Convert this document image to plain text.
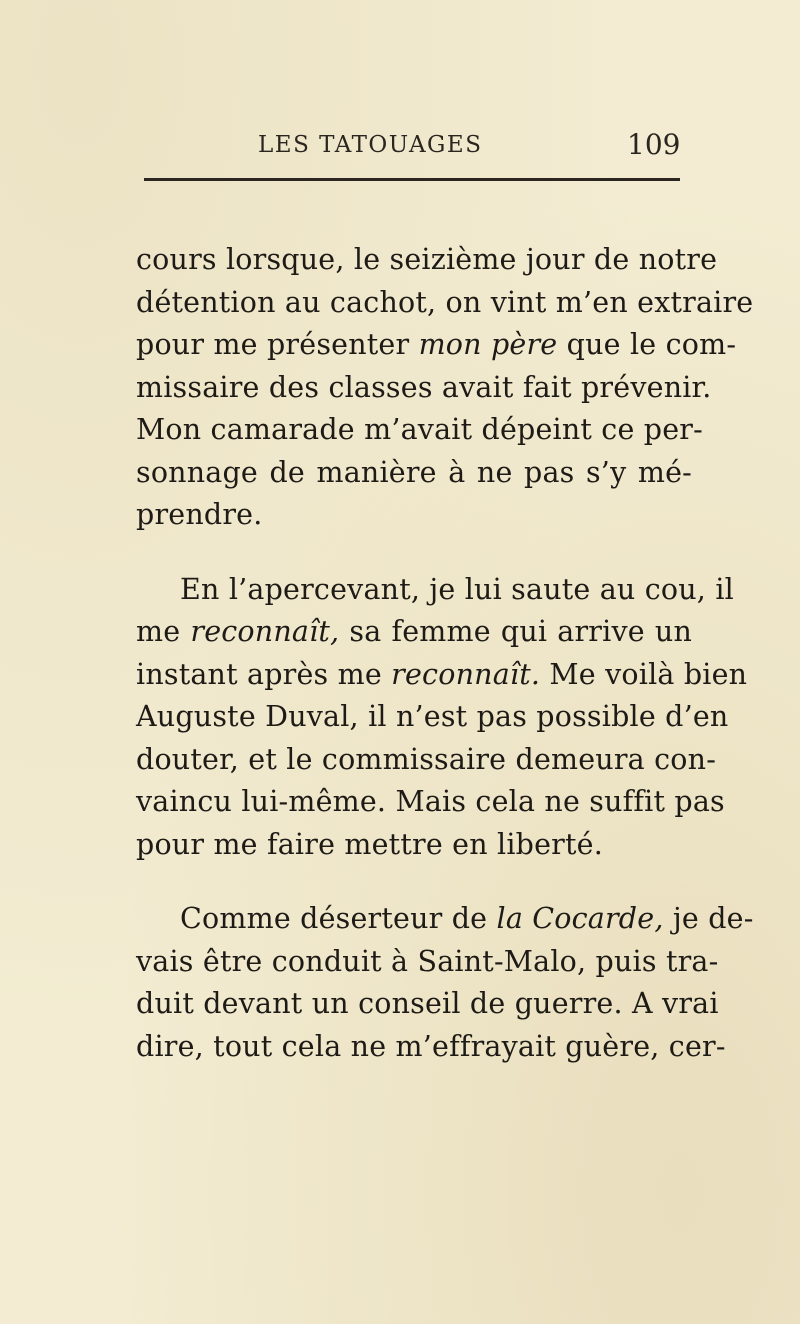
LES TATOUAGES	109
cours lorsque, le seizième jour de notre
détention au cachot, on vint m’en extraire
pour me présenter mon père que le com-
missaire des classes avait fait prévenir.
Mon camarade m’avait dépeint ce per-
sonnage de manière à ne pas s’y mé-
prendre.
En l’apercevant, je lui saute au cou, il
me reconnaît, sa femme qui arrive un
instant après me reconnaît. Me voilà bien
Auguste Duval, il n’est pas possible d’en
douter, et le commissaire demeura con-
vaincu lui-même. Mais cela ne suffit pas
pour me faire mettre en liberté.
Comme déserteur de la Cocarde, je de-
vais être conduit à Saint-Malo, puis tra-
duit devant un conseil de guerre. A vrai
dire, tout cela ne m’effrayait guère, cer-
